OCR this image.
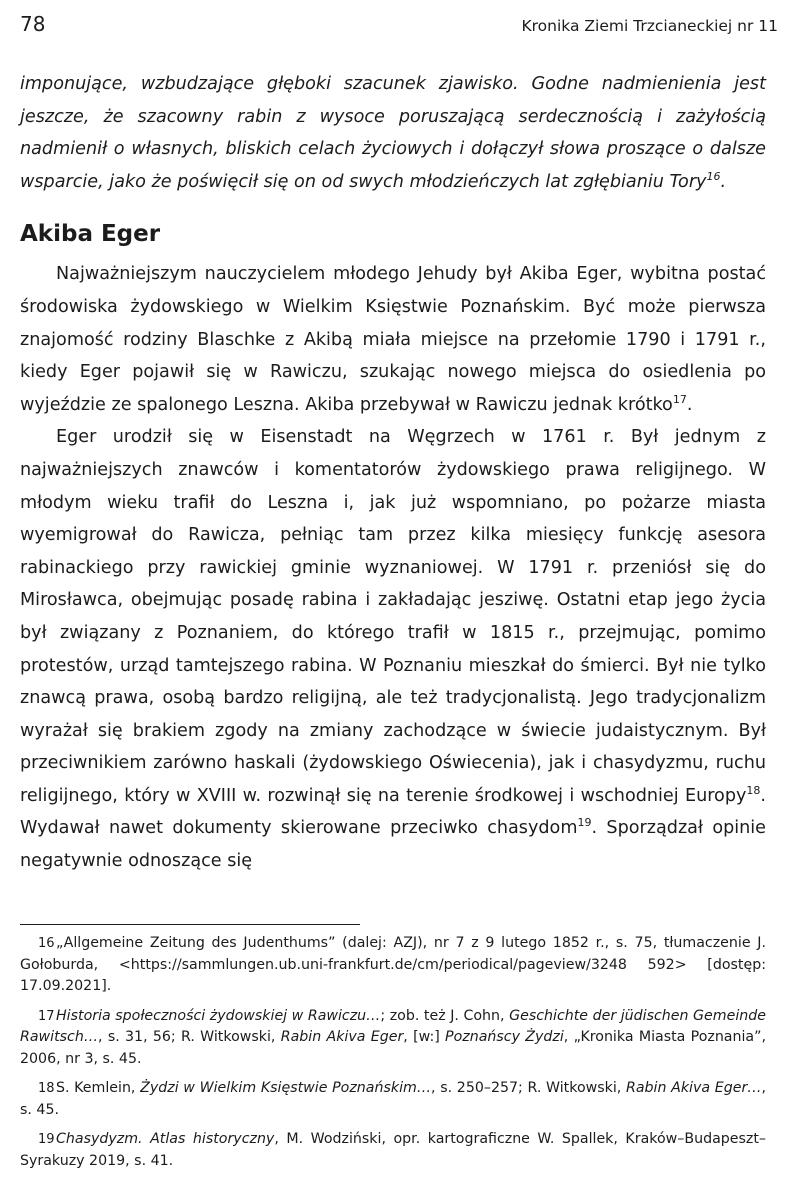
78	Kronika Ziemi Trzcianeckiej nr 11

imponujące, wzbudzające głęboki szacunek zjawisko. Godne nadmienienia jest jeszcze, że szacowny rabin z wysoce poruszającą serdecznością i zażyłością nadmienił o własnych, bliskich celach życiowych i dołączył słowa proszące o dalsze wsparcie, jako że poświęcił się on od swych młodzieńczych lat zgłębianiu Tory$^{16}$.

Akiba Eger

Najważniejszym nauczycielem młodego Jehudy był Akiba Eger, wybitna postać środowiska żydowskiego w Wielkim Księstwie Poznańskim. Być może pierwsza znajomość rodziny Blaschke z Akibą miała miejsce na przełomie 1790 i 1791 r., kiedy Eger pojawił się w Rawiczu, szukając nowego miejsca do osiedlenia po wyjeździe ze spalonego Leszna. Akiba przebywał w Rawiczu jednak krótko$^{17}$.

Eger urodził się w Eisenstadt na Węgrzech w 1761 r. Był jednym z najważniejszych znawców i komentatorów żydowskiego prawa religijnego. W młodym wieku trafił do Leszna i, jak już wspomniano, po pożarze miasta wyemigrował do Rawicza, pełniąc tam przez kilka miesięcy funkcję asesora rabinackiego przy rawickiej gminie wyznaniowej. W 1791 r. przeniósł się do Mirosławca, obejmując posadę rabina i zakładając jesziwę. Ostatni etap jego życia był związany z Poznaniem, do którego trafił w 1815 r., przejmując, pomimo protestów, urząd tamtejszego rabina. W Poznaniu mieszkał do śmierci. Był nie tylko znawcą prawa, osobą bardzo religijną, ale też tradycjonalistą. Jego tradycjonalizm wyrażał się brakiem zgody na zmiany zachodzące w świecie judaistycznym. Był przeciwnikiem zarówno haskali (żydowskiego Oświecenia), jak i chasydyzmu, ruchu religijnego, który w XVIII w. rozwinął się na terenie środkowej i wschodniej Europy$^{18}$. Wydawał nawet dokumenty skierowane przeciwko chasydom$^{19}$. Sporządzał opinie negatywnie odnoszące się

16„Allgemeine Zeitung des Judenthums” (dalej: AZJ), nr 7 z 9 lutego 1852 r., s. 75, tłumaczenie J. Gołoburda, <https://sammlungen.ub.uni-frankfurt.de/cm/periodical/pageview/3248 592> [dostęp: 17.09.2021].

17Historia społeczności żydowskiej w Rawiczu…; zob. też J. Cohn, Geschichte der jüdischen Gemeinde Rawitsch…, s. 31, 56; R. Witkowski, Rabin Akiva Eger, [w:] Poznańscy Żydzi, „Kronika Miasta Poznania”, 2006, nr 3, s. 45.

18S. Kemlein, Żydzi w Wielkim Księstwie Poznańskim…, s. 250–257; R. Witkowski, Rabin Akiva Eger…, s. 45.

19Chasydyzm. Atlas historyczny, M. Wodziński, opr. kartograficzne W. Spallek, Kraków–Budapeszt–Syrakuzy 2019, s. 41.
